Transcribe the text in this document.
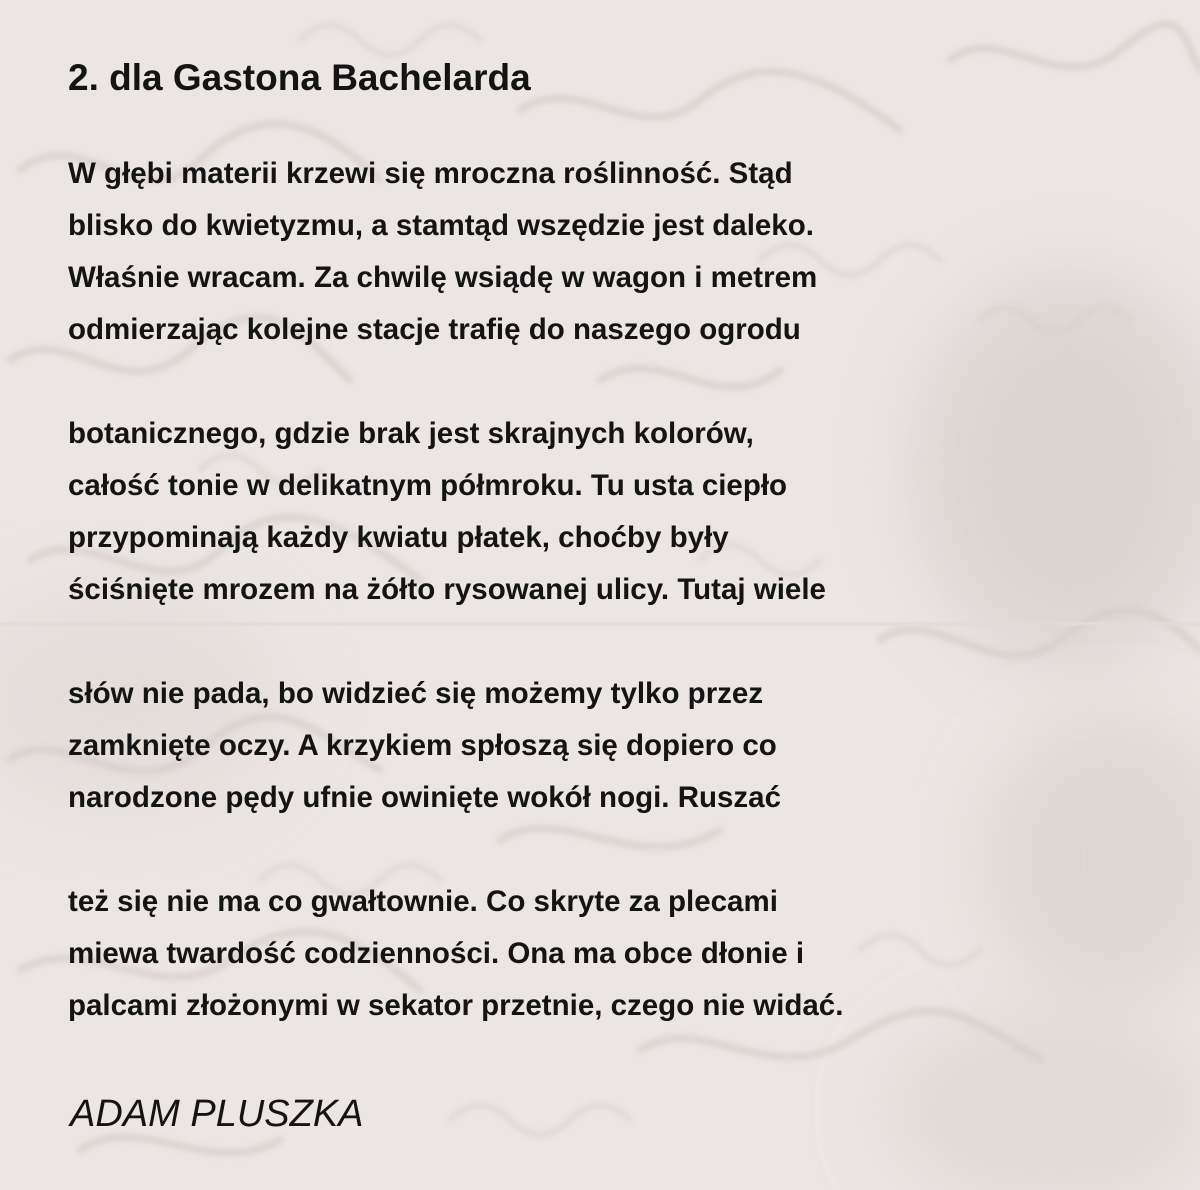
2. dla Gastona Bachelarda
W głębi materii krzewi się mroczna roślinność. Stąd
blisko do kwietyzmu, a stamtąd wszędzie jest daleko.
Właśnie wracam. Za chwilę wsiądę w wagon i metrem
odmierzając kolejne stacje trafię do naszego ogrodu
botanicznego, gdzie brak jest skrajnych kolorów,
całość tonie w delikatnym półmroku. Tu usta ciepło
przypominają każdy kwiatu płatek, choćby były
ściśnięte mrozem na żółto rysowanej ulicy. Tutaj wiele
słów nie pada, bo widzieć się możemy tylko przez
zamknięte oczy. A krzykiem spłoszą się dopiero co
narodzone pędy ufnie owinięte wokół nogi. Ruszać
też się nie ma co gwałtownie. Co skryte za plecami
miewa twardość codzienności. Ona ma obce dłonie i
palcami złożonymi w sekator przetnie, czego nie widać.

ADAM PLUSZKA
